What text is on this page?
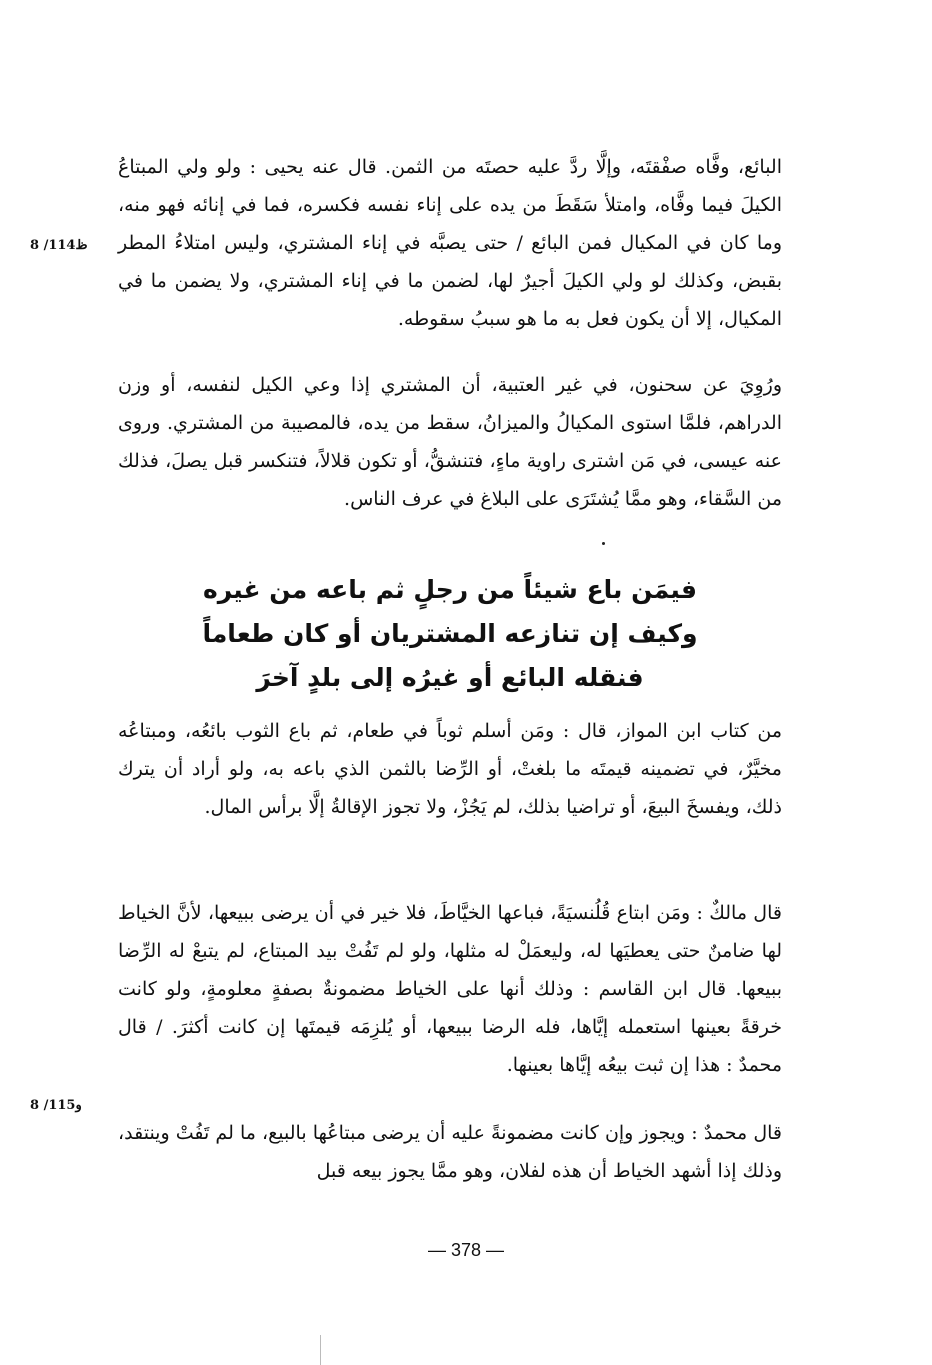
8 /114ظ

البائع، وفَّاه صفْقتَه، وإلَّا ردَّ عليه حصتَه من الثمن. قال عنه يحيى : ولو ولي المبتاعُ الكيلَ فيما وفَّاه، وامتلأ سَقَطَ من يده على إناء نفسه فكسره، فما في إنائه فهو منه، وما كان في المكيال فمن البائع / حتى يصبَّه في إناء المشتري، وليس امتلاءُ المطر بقبض، وكذلك لو ولي الكيلَ أجيرٌ لها، لضمن ما في إناء المشتري، ولا يضمن ما في المكيال، إلا أن يكون فعل به ما هو سببُ سقوطه.

ورُوِيَ عن سحنون، في غير العتبية، أن المشتري إذا وعي الكيل لنفسه، أو وزن الدراهم، فلمَّا استوى المكيالُ والميزانُ، سقط من يده، فالمصيبة من المشتري. وروى عنه عيسى، في مَن اشترى راوية ماءٍ، فتنشقُّ، أو تكون قلالاً، فتنكسر قبل يصلَ، فذلك من السَّقاء، وهو ممَّا يُشتَرَى على البلاغ في عرف الناس.

فيمَن باع شيئاً من رجلٍ ثم باعه من غيره
وكيف إن تنازعه المشتريان أو كان طعاماً
فنقله البائع أو غيرُه إلى بلدٍ آخرَ

من كتاب ابن المواز، قال : ومَن أسلم ثوباً في طعام، ثم باع الثوب بائعُه، ومبتاعُه مخيَّرٌ، في تضمينه قيمتَه ما بلغتْ، أو الرِّضا بالثمن الذي باعه به، ولو أراد أن يترك ذلك، ويفسخَ البيعَ، أو تراضيا بذلك، لم يَجُزْ، ولا تجوز الإقالةُ إلَّا برأس المال.

قال مالكٌ : ومَن ابتاع قُلُنسيَةً، فباعها الخيَّاطَ، فلا خير في أن يرضى ببيعها، لأنَّ الخياط لها ضامنٌ حتى يعطيَها له، وليعمَلْ له مثلها، ولو لم تَفُتْ بيد المبتاع، لم يتبعْ له الرِّضا ببيعها. قال ابن القاسم : وذلك أنها على الخياط مضمونةٌ بصفةٍ معلومةٍ، ولو كانت خرقةً بعينها استعمله إيَّاها، فله الرضا ببيعها، أو يُلزِمَه قيمتَها إن كانت أكثرَ. / قال محمدٌ : هذا إن ثبت بيعُه إيَّاها بعينها.

8 /115و

قال محمدٌ : ويجوز وإن كانت مضمونةً عليه أن يرضى مبتاعُها بالبيع، ما لم تَفُتْ وينتقد، وذلك إذا أشهد الخياط أن هذه لفلان، وهو ممَّا يجوز بيعه قبل

— 378 —
